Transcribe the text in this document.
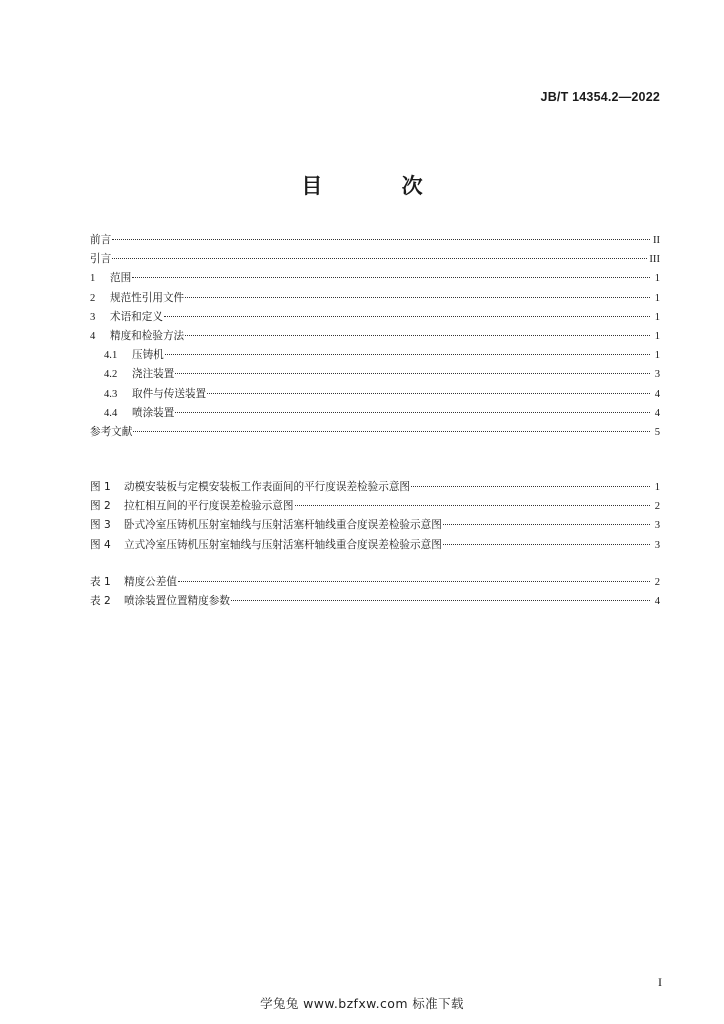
JB/T 14354.2—2022
目 次
前言	II
引言	III
1	范围	1
2	规范性引用文件	1
3	术语和定义	1
4	精度和检验方法	1
4.1	压铸机	1
4.2	浇注装置	3
4.3	取件与传送装置	4
4.4	喷涂装置	4
参考文献	5
图 1	动模安装板与定模安装板工作表面间的平行度误差检验示意图	1
图 2	拉杠相互间的平行度误差检验示意图	2
图 3	卧式冷室压铸机压射室轴线与压射活塞杆轴线重合度误差检验示意图	3
图 4	立式冷室压铸机压射室轴线与压射活塞杆轴线重合度误差检验示意图	3
表 1	精度公差值	2
表 2	喷涂装置位置精度参数	4
I
学兔兔 www.bzfxw.com 标准下载
